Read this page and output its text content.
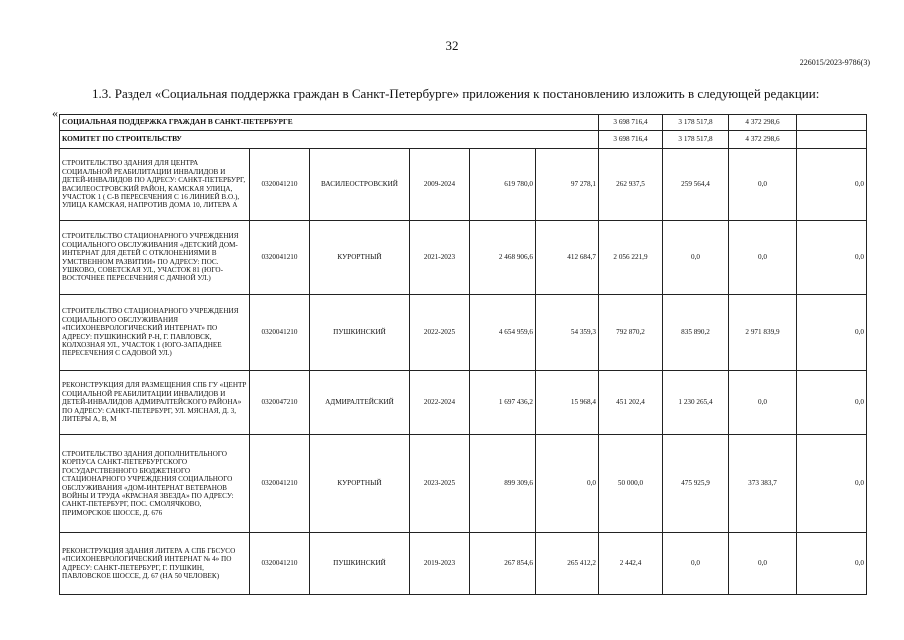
32
226015/2023-9786(3)
1.3. Раздел «Социальная поддержка граждан в Санкт-Петербурге» приложения к постановлению изложить в следующей редакции:
«
СОЦИАЛЬНАЯ ПОДДЕРЖКА ГРАЖДАН В САНКТ-ПЕТЕРБУРГЕ						3 698 716,4	3 178 517,8	4 372 298,6	
КОМИТЕТ ПО СТРОИТЕЛЬСТВУ						3 698 716,4	3 178 517,8	4 372 298,6	
СТРОИТЕЛЬСТВО ЗДАНИЯ ДЛЯ ЦЕНТРА СОЦИАЛЬНОЙ РЕАБИЛИТАЦИИ ИНВАЛИДОВ И ДЕТЕЙ-ИНВАЛИДОВ ПО АДРЕСУ: САНКТ-ПЕТЕРБУРГ, ВАСИЛЕОСТРОВСКИЙ РАЙОН, КАМСКАЯ УЛИЦА, УЧАСТОК 1 ( С-В ПЕРЕСЕЧЕНИЯ С 16 ЛИНИЕЙ В.О.), УЛИЦА КАМСКАЯ, НАПРОТИВ ДОМА 10, ЛИТЕРА А	0320041210	ВАСИЛЕОСТРОВСКИЙ	2009-2024	619 780,0	97 278,1	262 937,5	259 564,4	0,0	0,0
СТРОИТЕЛЬСТВО СТАЦИОНАРНОГО УЧРЕЖДЕНИЯ СОЦИАЛЬНОГО ОБСЛУЖИВАНИЯ «ДЕТСКИЙ ДОМ-ИНТЕРНАТ ДЛЯ ДЕТЕЙ С ОТКЛОНЕНИЯМИ В УМСТВЕННОМ РАЗВИТИИ» ПО АДРЕСУ: ПОС. УШКОВО, СОВЕТСКАЯ УЛ., УЧАСТОК 81 (ЮГО-ВОСТОЧНЕЕ ПЕРЕСЕЧЕНИЯ С ДАЧНОЙ УЛ.)	0320041210	КУРОРТНЫЙ	2021-2023	2 468 906,6	412 684,7	2 056 221,9	0,0	0,0	0,0
СТРОИТЕЛЬСТВО СТАЦИОНАРНОГО УЧРЕЖДЕНИЯ СОЦИАЛЬНОГО ОБСЛУЖИВАНИЯ «ПСИХОНЕВРОЛОГИЧЕСКИЙ ИНТЕРНАТ» ПО АДРЕСУ: ПУШКИНСКИЙ Р-Н, Г. ПАВЛОВСК, КОЛХОЗНАЯ УЛ., УЧАСТОК 1 (ЮГО-ЗАПАДНЕЕ ПЕРЕСЕЧЕНИЯ С САДОВОЙ УЛ.)	0320041210	ПУШКИНСКИЙ	2022-2025	4 654 959,6	54 359,3	792 870,2	835 890,2	2 971 839,9	0,0
РЕКОНСТРУКЦИЯ ДЛЯ РАЗМЕЩЕНИЯ СПБ ГУ «ЦЕНТР СОЦИАЛЬНОЙ РЕАБИЛИТАЦИИ ИНВАЛИДОВ И ДЕТЕЙ-ИНВАЛИДОВ АДМИРАЛТЕЙСКОГО РАЙОНА» ПО АДРЕСУ: САНКТ-ПЕТЕРБУРГ, УЛ. МЯСНАЯ, Д. 3, ЛИТЕРЫ А, В, М	0320047210	АДМИРАЛТЕЙСКИЙ	2022-2024	1 697 436,2	15 968,4	451 202,4	1 230 265,4	0,0	0,0
СТРОИТЕЛЬСТВО ЗДАНИЯ ДОПОЛНИТЕЛЬНОГО КОРПУСА САНКТ-ПЕТЕРБУРГСКОГО ГОСУДАРСТВЕННОГО БЮДЖЕТНОГО СТАЦИОНАРНОГО УЧРЕЖДЕНИЯ СОЦИАЛЬНОГО ОБСЛУЖИВАНИЯ «ДОМ-ИНТЕРНАТ ВЕТЕРАНОВ ВОЙНЫ И ТРУДА «КРАСНАЯ ЗВЕЗДА» ПО АДРЕСУ: САНКТ-ПЕТЕРБУРГ, ПОС. СМОЛЯЧКОВО, ПРИМОРСКОЕ ШОССЕ, Д. 676	0320041210	КУРОРТНЫЙ	2023-2025	899 309,6	0,0	50 000,0	475 925,9	373 383,7	0,0
РЕКОНСТРУКЦИЯ ЗДАНИЯ ЛИТЕРА А СПБ ГБСУСО «ПСИХОНЕВРОЛОГИЧЕСКИЙ ИНТЕРНАТ № 4» ПО АДРЕСУ: САНКТ-ПЕТЕРБУРГ, Г. ПУШКИН, ПАВЛОВСКОЕ ШОССЕ, Д. 67 (НА 50 ЧЕЛОВЕК)	0320041210	ПУШКИНСКИЙ	2019-2023	267 854,6	265 412,2	2 442,4	0,0	0,0	0,0
